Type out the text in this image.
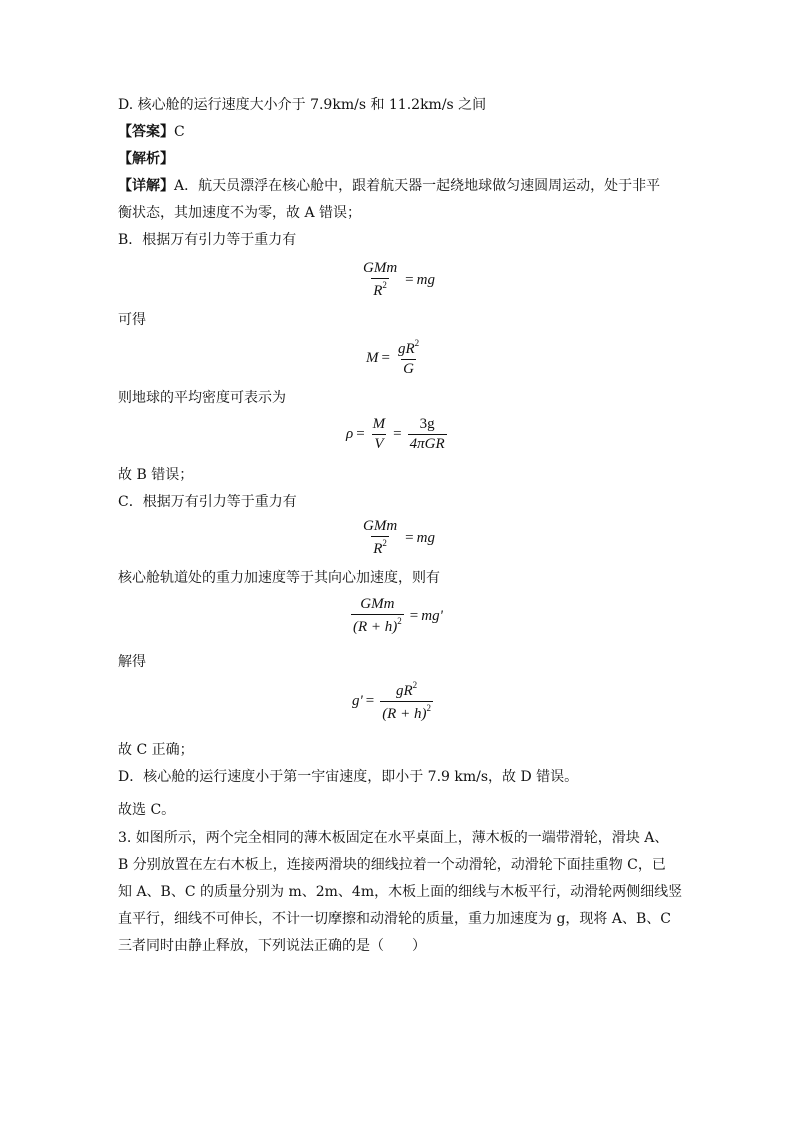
D. 核心舱的运行速度大小介于 7.9km/s 和 11.2km/s 之间
【答案】C
【解析】
【详解】A．航天员漂浮在核心舱中，跟着航天器一起绕地球做匀速圆周运动，处于非平
衡状态，其加速度不为零，故 A 错误；
B．根据万有引力等于重力有
$\frac{\text{GMm}}{R^2}$ = mg
可得
$M = \frac{gR^2}{G}$
则地球的平均密度可表示为
$\rho = \frac{M}{V} = \frac{3g}{\text{4πGR}}$
故 B 错误；
C．根据万有引力等于重力有
$\frac{\text{GMm}}{R^2}$ = mg
核心舱轨道处的重力加速度等于其向心加速度，则有
$\frac{\text{GMm}}{(R + h)^2} = mg'$
解得
$g' = \frac{gR^2}{(R + h)^2}$
故 C 正确；
D．核心舱的运行速度小于第一宇宙速度，即小于 7.9 km/s，故 D 错误。
故选 C。
3. 如图所示，两个完全相同的薄木板固定在水平桌面上，薄木板的一端带滑轮，滑块 A、
B 分别放置在左右木板上，连接两滑块的细线拉着一个动滑轮，动滑轮下面挂重物 C，已
知 A、B、C 的质量分别为 m、2m、4m，木板上面的细线与木板平行，动滑轮两侧细线竖
直平行，细线不可伸长，不计一切摩擦和动滑轮的质量，重力加速度为 g，现将 A、B、C
三者同时由静止释放，下列说法正确的是（　　）
